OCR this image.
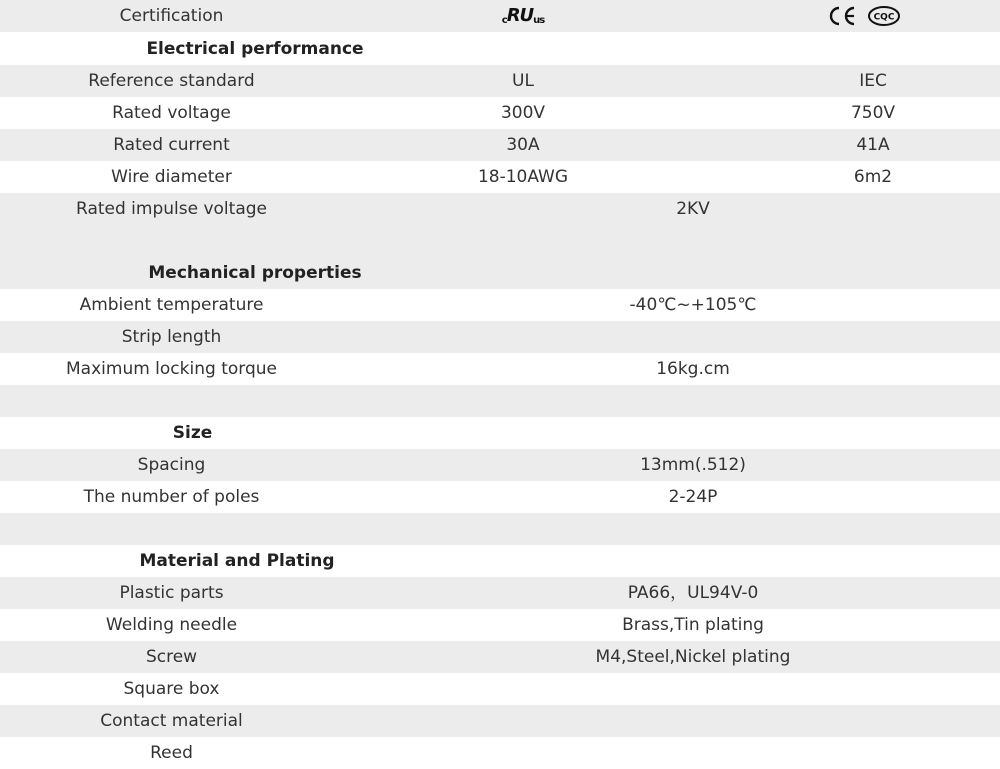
Certification	cRUus	CQC
Electrical performance
Reference standard	UL	IEC
Rated voltage	300V	750V
Rated current	30A	41A
Wire diameter	18-10AWG	6m2
Rated impulse voltage	2KV
Mechanical properties
Ambient temperature	-40℃~+105℃
Strip length
Maximum locking torque	16kg.cm
Size
Spacing	13mm(.512)
The number of poles	2-24P
Material and Plating
Plastic parts	PA66，UL94V-0
Welding needle	Brass,Tin plating
Screw	M4,Steel,Nickel plating
Square box
Contact material
Reed
